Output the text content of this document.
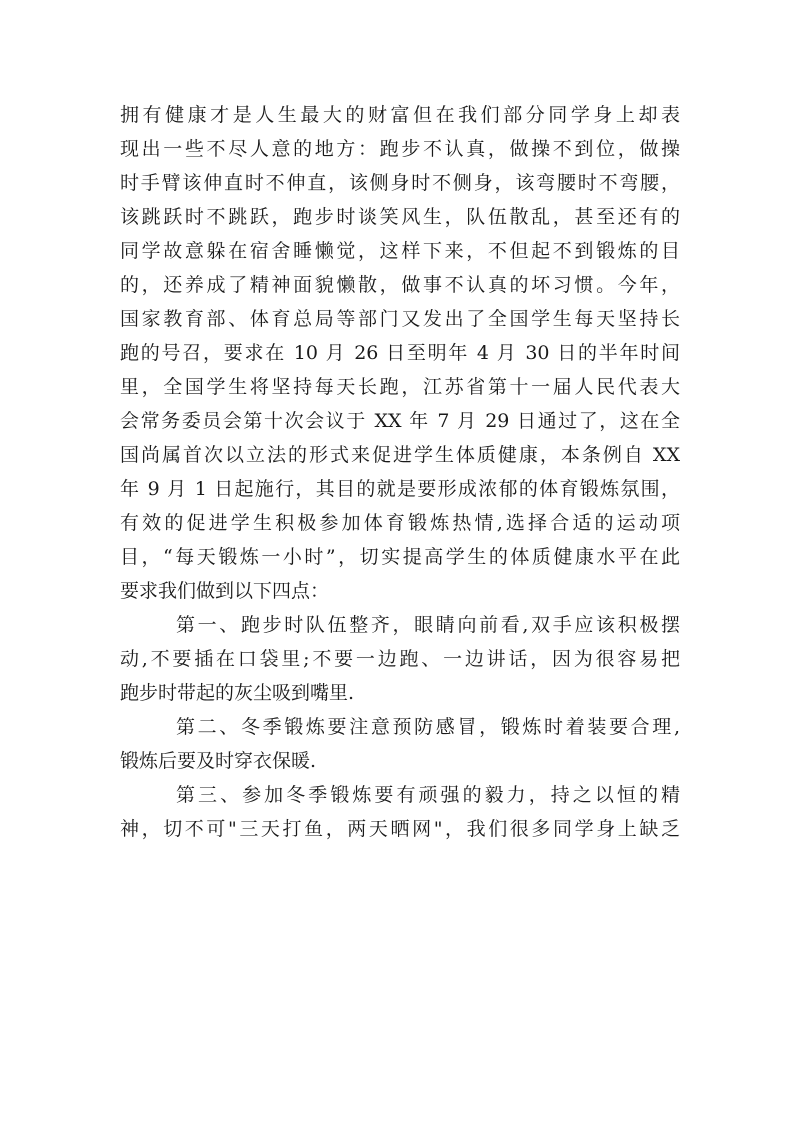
拥有健康才是人生最大的财富但在我们部分同学身上却表
现出一些不尽人意的地方：跑步不认真，做操不到位，做操
时手臂该伸直时不伸直，该侧身时不侧身，该弯腰时不弯腰，
该跳跃时不跳跃，跑步时谈笑风生，队伍散乱，甚至还有的
同学故意躲在宿舍睡懒觉，这样下来，不但起不到锻炼的目
的，还养成了精神面貌懒散，做事不认真的坏习惯。今年，
国家教育部、体育总局等部门又发出了全国学生每天坚持长
跑的号召，要求在 10 月 26 日至明年 4 月 30 日的半年时间
里，全国学生将坚持每天长跑，江苏省第十一届人民代表大
会常务委员会第十次会议于 XX 年 7 月 29 日通过了，这在全
国尚属首次以立法的形式来促进学生体质健康，本条例自 XX
年 9 月 1 日起施行，其目的就是要形成浓郁的体育锻炼氛围，
有效的促进学生积极参加体育锻炼热情,选择合适的运动项
目，“每天锻炼一小时”，切实提高学生的体质健康水平在此
要求我们做到以下四点：
第一、跑步时队伍整齐，眼睛向前看,双手应该积极摆
动,不要插在口袋里;不要一边跑、一边讲话，因为很容易把
跑步时带起的灰尘吸到嘴里.
第二、冬季锻炼要注意预防感冒，锻炼时着装要合理,
锻炼后要及时穿衣保暖.
第三、参加冬季锻炼要有顽强的毅力，持之以恒的精
神，切不可"三天打鱼，两天晒网"，我们很多同学身上缺乏
